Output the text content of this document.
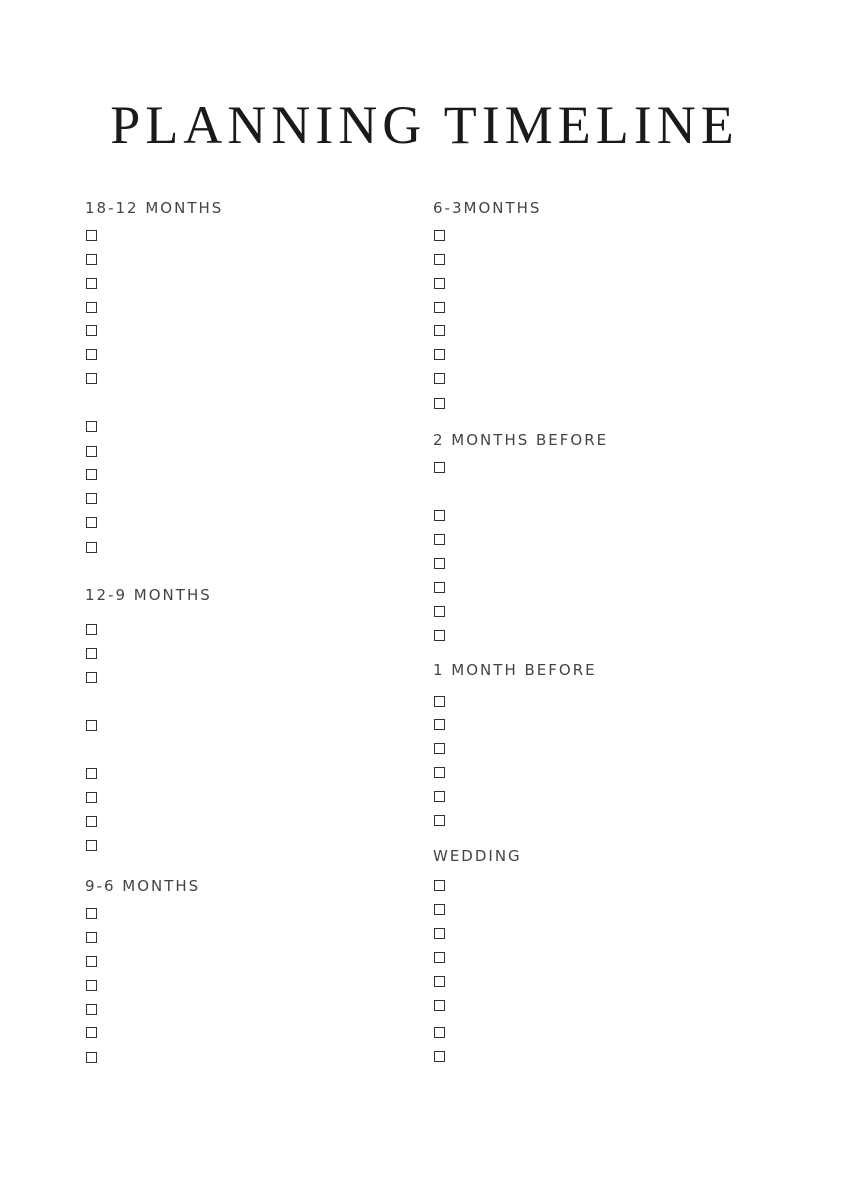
PLANNING TIMELINE
18-12 MONTHS
12-9 MONTHS
9-6 MONTHS
6-3MONTHS
2 MONTHS BEFORE
1 MONTH BEFORE
WEDDING
